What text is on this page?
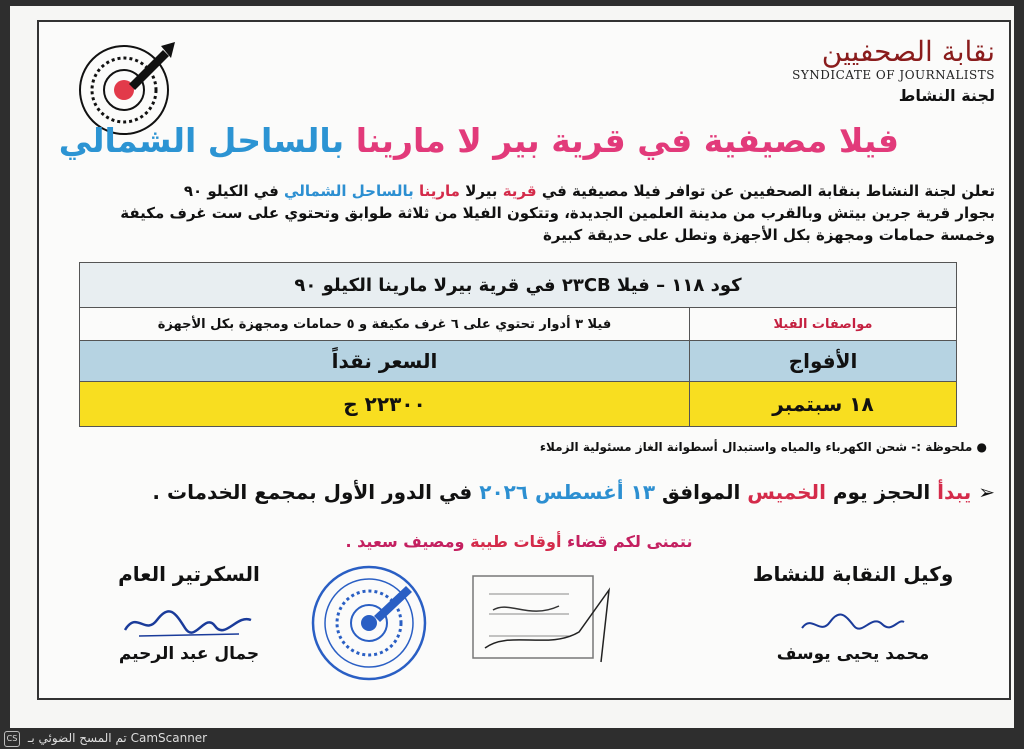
نقابة الصحفيين
SYNDICATE OF JOURNALISTS
لجنة النشاط
فيلا مصيفية في قرية بير لا مارينا بالساحل الشمالي
تعلن لجنة النشاط بنقابة الصحفيين عن توافر فيلا مصيفية في قرية بيرلا مارينا بالساحل الشمالي في الكيلو ٩٠
بجوار قرية جرين بيتش وبالقرب من مدينة العلمين الجديدة، وتتكون الفيلا من ثلاثة طوابق وتحتوي على ست غرف مكيفة
وخمسة حمامات ومجهزة بكل الأجهزة وتطل على حديقة كبيرة
كود ١١٨ – فيلا ٢٣CB في قرية بيرلا مارينا الكيلو ٩٠	
مواصفات الفيلا	فيلا ٣ أدوار تحتوي على ٦ غرف مكيفة و ٥ حمامات ومجهزة بكل الأجهزة
الأفواج	السعر نقداً
١٨ سبتمبر	٢٢٣٠٠ ج
● ملحوظة :- شحن الكهرباء والمياه واستبدال أسطوانة الغاز مسئولية الزملاء
➢ يبدأ الحجز يوم الخميس الموافق ١٣ أغسطس ٢٠٢٦ في الدور الأول بمجمع الخدمات .
نتمنى لكم قضاء أوقات طيبة ومصيف سعيد .
وكيل النقابة للنشاط
محمد يحيى يوسف
السكرتير العام
جمال عبد الرحيم
CS تم المسح الضوئي بـ CamScanner
